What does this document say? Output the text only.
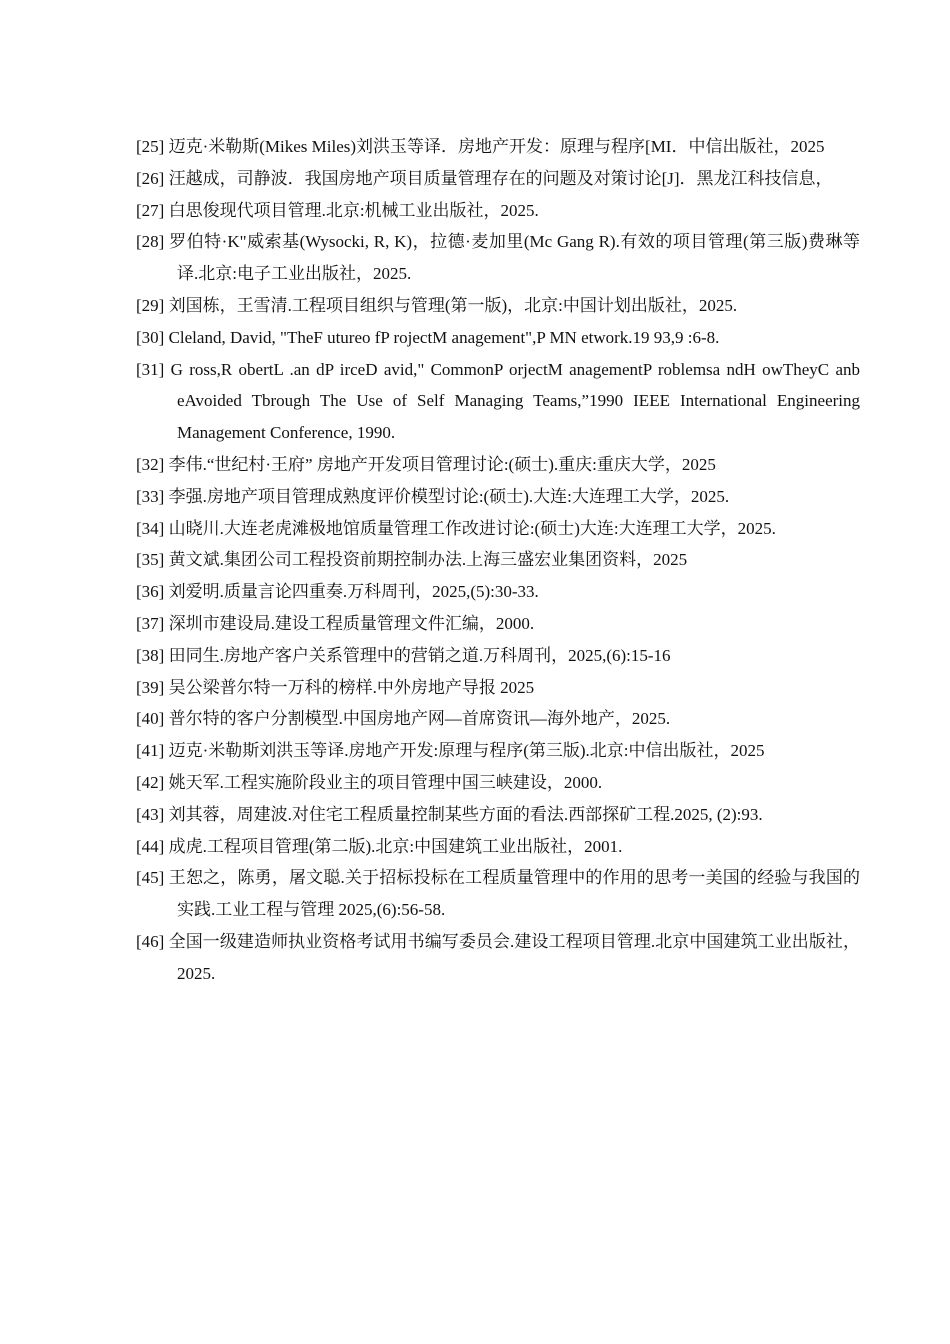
[25] 迈克·米勒斯(Mikes Miles)刘洪玉等译．房地产开发：原理与程序[MI．中信出版社，2025
[26] 汪越成，司静波．我国房地产项目质量管理存在的问题及对策讨论[J]．黑龙江科技信息，
[27] 白思俊现代项目管理.北京:机械工业出版社，2025.
[28] 罗伯特·K"威索基(Wysocki, R, K)，拉德·麦加里(Mc Gang R).有效的项目管理(第三版)费琳等译.北京:电子工业出版社，2025.
[29] 刘国栋，王雪清.工程项目组织与管理(第一版)，北京:中国计划出版社，2025.
[30] Cleland, David, "TheF utureo fP rojectM anagement",P MN etwork.19 93,9 :6-8.
[31] G ross,R obertL .an dP irceD avid," CommonP orjectM anagementP roblemsa ndH owTheyC anb eAvoided Tbrough The Use of Self Managing Teams,”1990 IEEE International Engineering Management Conference, 1990.
[32] 李伟.“世纪村·王府” 房地产开发项目管理讨论:(硕士).重庆:重庆大学，2025
[33] 李强.房地产项目管理成熟度评价模型讨论:(硕士).大连:大连理工大学，2025.
[34] 山晓川.大连老虎滩极地馆质量管理工作改进讨论:(硕士)大连:大连理工大学，2025.
[35] 黄文斌.集团公司工程投资前期控制办法.上海三盛宏业集团资料，2025
[36] 刘爱明.质量言论四重奏.万科周刊，2025,(5):30-33.
[37] 深圳市建设局.建设工程质量管理文件汇编，2000.
[38] 田同生.房地产客户关系管理中的营销之道.万科周刊，2025,(6):15-16
[39] 吴公梁普尔特一万科的榜样.中外房地产导报 2025
[40] 普尔特的客户分割模型.中国房地产网—首席资讯—海外地产，2025.
[41] 迈克·米勒斯刘洪玉等译.房地产开发:原理与程序(第三版).北京:中信出版社，2025
[42] 姚天军.工程实施阶段业主的项目管理中国三峡建设，2000.
[43] 刘其蓉，周建波.对住宅工程质量控制某些方面的看法.西部探矿工程.2025, (2):93.
[44] 成虎.工程项目管理(第二版).北京:中国建筑工业出版社，2001.
[45] 王恕之，陈勇，屠文聪.关于招标投标在工程质量管理中的作用的思考一美国的经验与我国的实践.工业工程与管理 2025,(6):56-58.
[46] 全国一级建造师执业资格考试用书编写委员会.建设工程项目管理.北京中国建筑工业出版社，2025.
